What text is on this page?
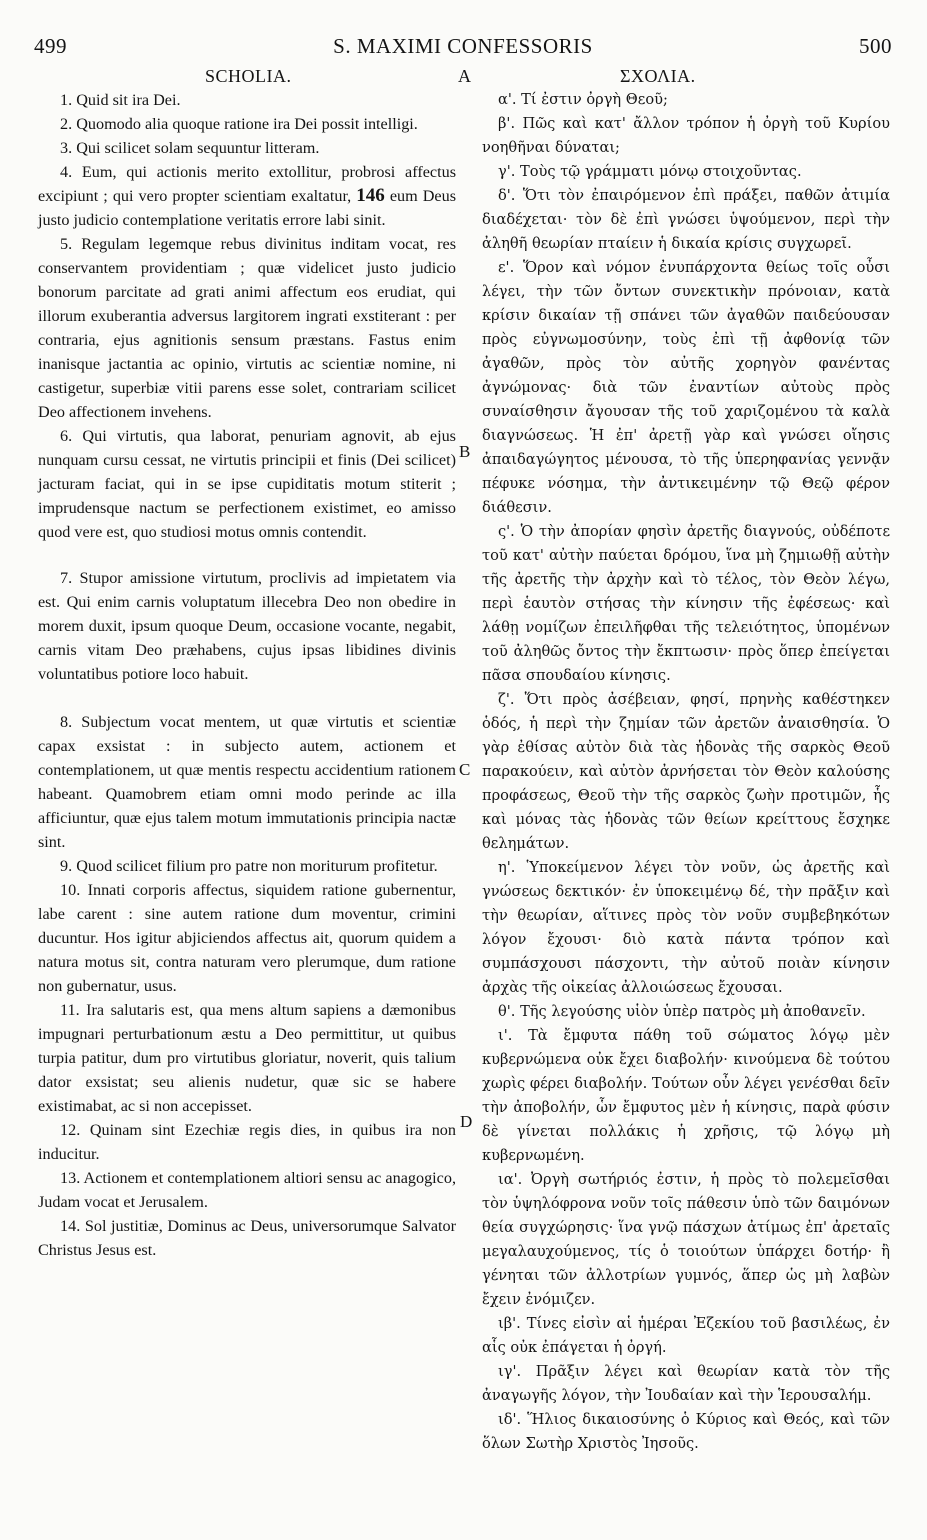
499	S. MAXIMI CONFESSORIS	500
SCHOLIA.	A	ΣΧΟΛΙΑ.
B
C
D

1. Quid sit ira Dei.

2. Quomodo alia quoque ratione ira Dei possit intelligi.

3. Qui scilicet solam sequuntur litteram.

4. Eum, qui actionis merito extollitur, probrosi affectus excipiunt ; qui vero propter scientiam exaltatur, 146 eum Deus justo judicio contemplatione veritatis errore labi sinit.

5. Regulam legemque rebus divinitus inditam vocat, res conservantem providentiam ; quæ videlicet justo judicio bonorum parcitate ad grati animi affectum eos erudiat, qui illorum exuberantia adversus largitorem ingrati exstiterant : per contraria, ejus agnitionis sensum præstans. Fastus enim inanisque jactantia ac opinio, virtutis ac scientiæ nomine, ni castigetur, superbiæ vitii parens esse solet, contrariam scilicet Deo affectionem invehens.

6. Qui virtutis, qua laborat, penuriam agnovit, ab ejus nunquam cursu cessat, ne virtutis principii et finis (Dei scilicet) jacturam faciat, qui in se ipse cupiditatis motum stiterit ; imprudensque nactum se perfectionem existimet, eo amisso quod vere est, quo studiosi motus omnis contendit.

7. Stupor amissione virtutum, proclivis ad impietatem via est. Qui enim carnis voluptatum illecebra Deo non obedire in morem duxit, ipsum quoque Deum, occasione vocante, negabit, carnis vitam Deo præhabens, cujus ipsas libidines divinis voluntatibus potiore loco habuit.

8. Subjectum vocat mentem, ut quæ virtutis et scientiæ capax exsistat : in subjecto autem, actionem et contemplationem, ut quæ mentis respectu accidentium rationem habeant. Quamobrem etiam omni modo perinde ac illa afficiuntur, quæ ejus talem motum immutationis principia nactæ sint.

9. Quod scilicet filium pro patre non moriturum profitetur.

10. Innati corporis affectus, siquidem ratione gubernentur, labe carent : sine autem ratione dum moventur, crimini ducuntur. Hos igitur abjiciendos affectus ait, quorum quidem a natura motus sit, contra naturam vero plerumque, dum ratione non gubernatur, usus.

11. Ira salutaris est, qua mens altum sapiens a dæmonibus impugnari perturbationum æstu a Deo permittitur, ut quibus turpia patitur, dum pro virtutibus gloriatur, noverit, quis talium dator exsistat; seu alienis nudetur, quæ sic se habere existimabat, ac si non accepisset.

12. Quinam sint Ezechiæ regis dies, in quibus ira non inducitur.

13. Actionem et contemplationem altiori sensu ac anagogico, Judam vocat et Jerusalem.

14. Sol justitiæ, Dominus ac Deus, universorumque Salvator Christus Jesus est.

α'. Τί ἐστιν ὀργὴ Θεοῦ;

β'. Πῶς καὶ κατ' ἄλλον τρόπον ἡ ὀργὴ τοῦ Κυρίου νοηθῆναι δύναται;

γ'. Τοὺς τῷ γράμματι μόνῳ στοιχοῦντας.

δ'. Ὅτι τὸν ἐπαιρόμενον ἐπὶ πράξει, παθῶν ἀτιμία διαδέχεται· τὸν δὲ ἐπὶ γνώσει ὑψούμενον, περὶ τὴν ἀληθῆ θεωρίαν πταίειν ἡ δικαία κρίσις συγχωρεῖ.

ε'. Ὅρον καὶ νόμον ἐνυπάρχοντα θείως τοῖς οὖσι λέγει, τὴν τῶν ὄντων συνεκτικὴν πρόνοιαν, κατὰ κρίσιν δικαίαν τῇ σπάνει τῶν ἀγαθῶν παιδεύουσαν πρὸς εὐγνωμοσύνην, τοὺς ἐπὶ τῇ ἀφθονίᾳ τῶν ἀγαθῶν, πρὸς τὸν αὐτῆς χορηγὸν φανέντας ἀγνώμονας· διὰ τῶν ἐναντίων αὐτοὺς πρὸς συναίσθησιν ἄγουσαν τῆς τοῦ χαριζομένου τὰ καλὰ διαγνώσεως. Ἡ ἐπ' ἀρετῇ γὰρ καὶ γνώσει οἴησις ἀπαιδαγώγητος μένουσα, τὸ τῆς ὑπερηφανίας γεννᾷν πέφυκε νόσημα, τὴν ἀντικειμένην τῷ Θεῷ φέρον διάθεσιν.

ς'. Ὁ τὴν ἀπορίαν φησὶν ἀρετῆς διαγνούς, οὐδέποτε τοῦ κατ' αὐτὴν παύεται δρόμου, ἵνα μὴ ζημιωθῇ αὐτὴν τῆς ἀρετῆς τὴν ἀρχὴν καὶ τὸ τέλος, τὸν Θεὸν λέγω, περὶ ἑαυτὸν στήσας τὴν κίνησιν τῆς ἐφέσεως· καὶ λάθῃ νομίζων ἐπειλῆφθαι τῆς τελειότητος, ὑπομένων τοῦ ἀληθῶς ὄντος τὴν ἔκπτωσιν· πρὸς ὅπερ ἐπείγεται πᾶσα σπουδαίου κίνησις.

ζ'. Ὅτι πρὸς ἀσέβειαν, φησί, πρηνὴς καθέστηκεν ὁδός, ἡ περὶ τὴν ζημίαν τῶν ἀρετῶν ἀναισθησία. Ὁ γὰρ ἐθίσας αὐτὸν διὰ τὰς ἡδονὰς τῆς σαρκὸς Θεοῦ παρακούειν, καὶ αὐτὸν ἀρνήσεται τὸν Θεὸν καλούσης προφάσεως, Θεοῦ τὴν τῆς σαρκὸς ζωὴν προτιμῶν, ἧς καὶ μόνας τὰς ἡδονὰς τῶν θείων κρείττους ἔσχηκε θελημάτων.

η'. Ὑποκείμενον λέγει τὸν νοῦν, ὡς ἀρετῆς καὶ γνώσεως δεκτικόν· ἐν ὑποκειμένῳ δέ, τὴν πρᾶξιν καὶ τὴν θεωρίαν, αἵτινες πρὸς τὸν νοῦν συμβεβηκότων λόγον ἔχουσι· διὸ κατὰ πάντα τρόπον καὶ συμπάσχουσι πάσχοντι, τὴν αὐτοῦ ποιὰν κίνησιν ἀρχὰς τῆς οἰκείας ἀλλοιώσεως ἔχουσαι.

θ'. Τῆς λεγούσης υἱὸν ὑπὲρ πατρὸς μὴ ἀποθανεῖν.

ι'. Τὰ ἔμφυτα πάθη τοῦ σώματος λόγῳ μὲν κυβερνώμενα οὐκ ἔχει διαβολήν· κινούμενα δὲ τούτου χωρὶς φέρει διαβολήν. Τούτων οὖν λέγει γενέσθαι δεῖν τὴν ἀποβολήν, ὧν ἔμφυτος μὲν ἡ κίνησις, παρὰ φύσιν δὲ γίνεται πολλάκις ἡ χρῆσις, τῷ λόγῳ μὴ κυβερνωμένη.

ια'. Ὀργὴ σωτήριός ἐστιν, ἡ πρὸς τὸ πολεμεῖσθαι τὸν ὑψηλόφρονα νοῦν τοῖς πάθεσιν ὑπὸ τῶν δαιμόνων θεία συγχώρησις· ἵνα γνῷ πάσχων ἀτίμως ἐπ' ἀρεταῖς μεγαλαυχούμενος, τίς ὁ τοιούτων ὑπάρχει δοτήρ· ἢ γένηται τῶν ἀλλοτρίων γυμνός, ἅπερ ὡς μὴ λαβὼν ἔχειν ἐνόμιζεν.

ιβ'. Τίνες εἰσὶν αἱ ἡμέραι Ἐζεκίου τοῦ βασιλέως, ἐν αἷς οὐκ ἐπάγεται ἡ ὀργή.

ιγ'. Πρᾶξιν λέγει καὶ θεωρίαν κατὰ τὸν τῆς ἀναγωγῆς λόγον, τὴν Ἰουδαίαν καὶ τὴν Ἱερουσαλήμ.

ιδ'. Ἥλιος δικαιοσύνης ὁ Κύριος καὶ Θεός, καὶ τῶν ὅλων Σωτὴρ Χριστὸς Ἰησοῦς.
